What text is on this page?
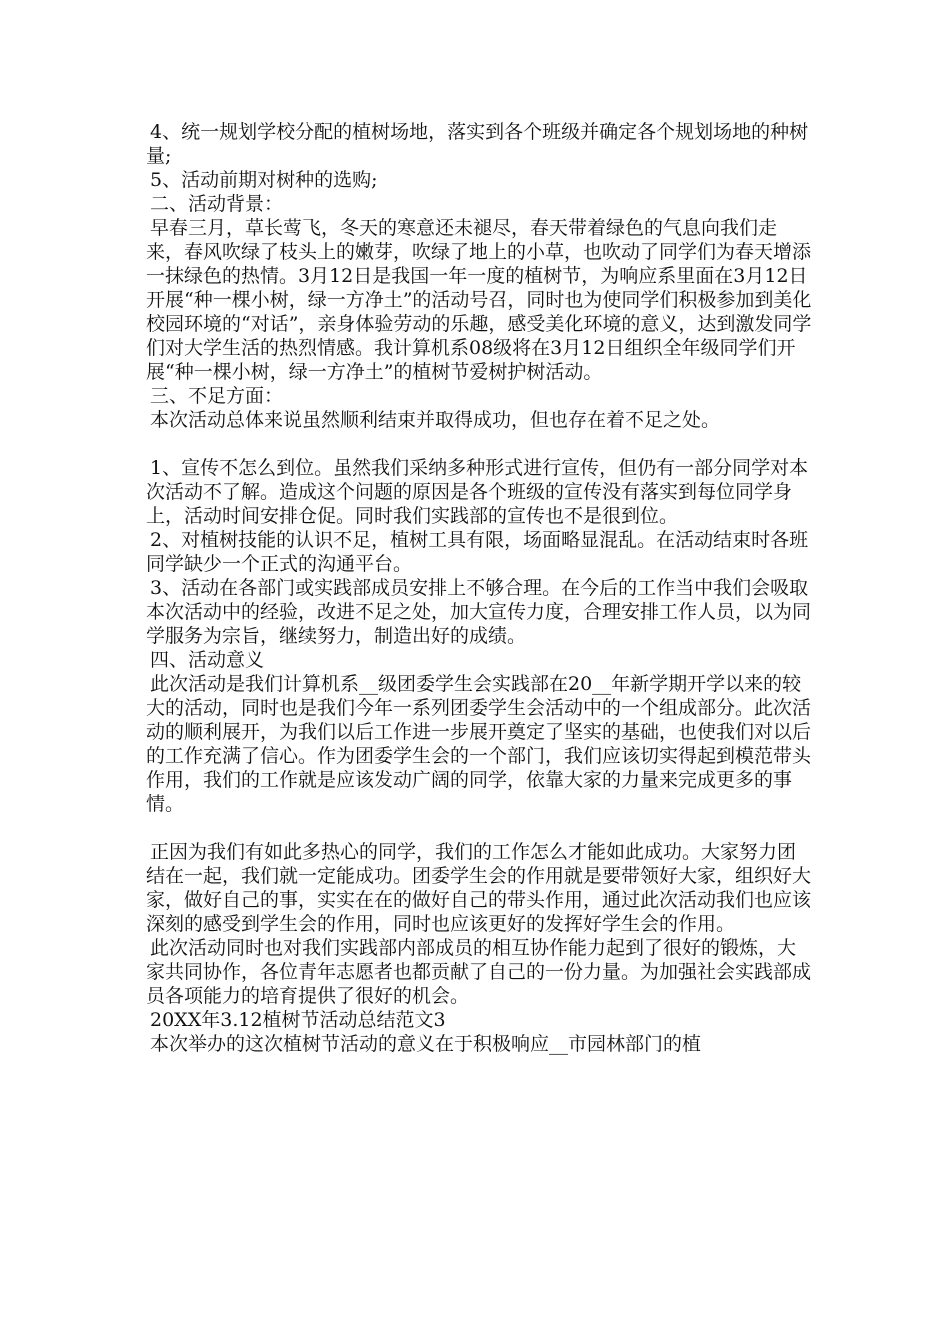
4、统一规划学校分配的植树场地，落实到各个班级并确定各个规划场地的种树量;

5、活动前期对树种的选购;

二、活动背景：

早春三月，草长莺飞，冬天的寒意还未褪尽，春天带着绿色的气息向我们走来，春风吹绿了枝头上的嫩芽，吹绿了地上的小草，也吹动了同学们为春天增添一抹绿色的热情。3月12日是我国一年一度的植树节，为响应系里面在3月12日开展“种一棵小树，绿一方净土”的活动号召，同时也为使同学们积极参加到美化校园环境的“对话”，亲身体验劳动的乐趣，感受美化环境的意义，达到激发同学们对大学生活的热烈情感。我计算机系08级将在3月12日组织全年级同学们开展“种一棵小树，绿一方净土”的植树节爱树护树活动。

三、不足方面：

本次活动总体来说虽然顺利结束并取得成功，但也存在着不足之处。

1、宣传不怎么到位。虽然我们采纳多种形式进行宣传，但仍有一部分同学对本次活动不了解。造成这个问题的原因是各个班级的宣传没有落实到每位同学身上，活动时间安排仓促。同时我们实践部的宣传也不是很到位。

2、对植树技能的认识不足，植树工具有限，场面略显混乱。在活动结束时各班同学缺少一个正式的沟通平台。

3、活动在各部门或实践部成员安排上不够合理。在今后的工作当中我们会吸取本次活动中的经验，改进不足之处，加大宣传力度，合理安排工作人员，以为同学服务为宗旨，继续努力，制造出好的成绩。

四、活动意义

此次活动是我们计算机系__级团委学生会实践部在20__年新学期开学以来的较大的活动，同时也是我们今年一系列团委学生会活动中的一个组成部分。此次活动的顺利展开，为我们以后工作进一步展开奠定了坚实的基础，也使我们对以后的工作充满了信心。作为团委学生会的一个部门，我们应该切实得起到模范带头作用，我们的工作就是应该发动广阔的同学，依靠大家的力量来完成更多的事情。

正因为我们有如此多热心的同学，我们的工作怎么才能如此成功。大家努力团结在一起，我们就一定能成功。团委学生会的作用就是要带领好大家，组织好大家，做好自己的事，实实在在的做好自己的带头作用，通过此次活动我们也应该深刻的感受到学生会的作用，同时也应该更好的发挥好学生会的作用。

此次活动同时也对我们实践部内部成员的相互协作能力起到了很好的锻炼，大家共同协作，各位青年志愿者也都贡献了自己的一份力量。为加强社会实践部成员各项能力的培育提供了很好的机会。

20XX年3.12植树节活动总结范文3

本次举办的这次植树节活动的意义在于积极响应__市园林部门的植
